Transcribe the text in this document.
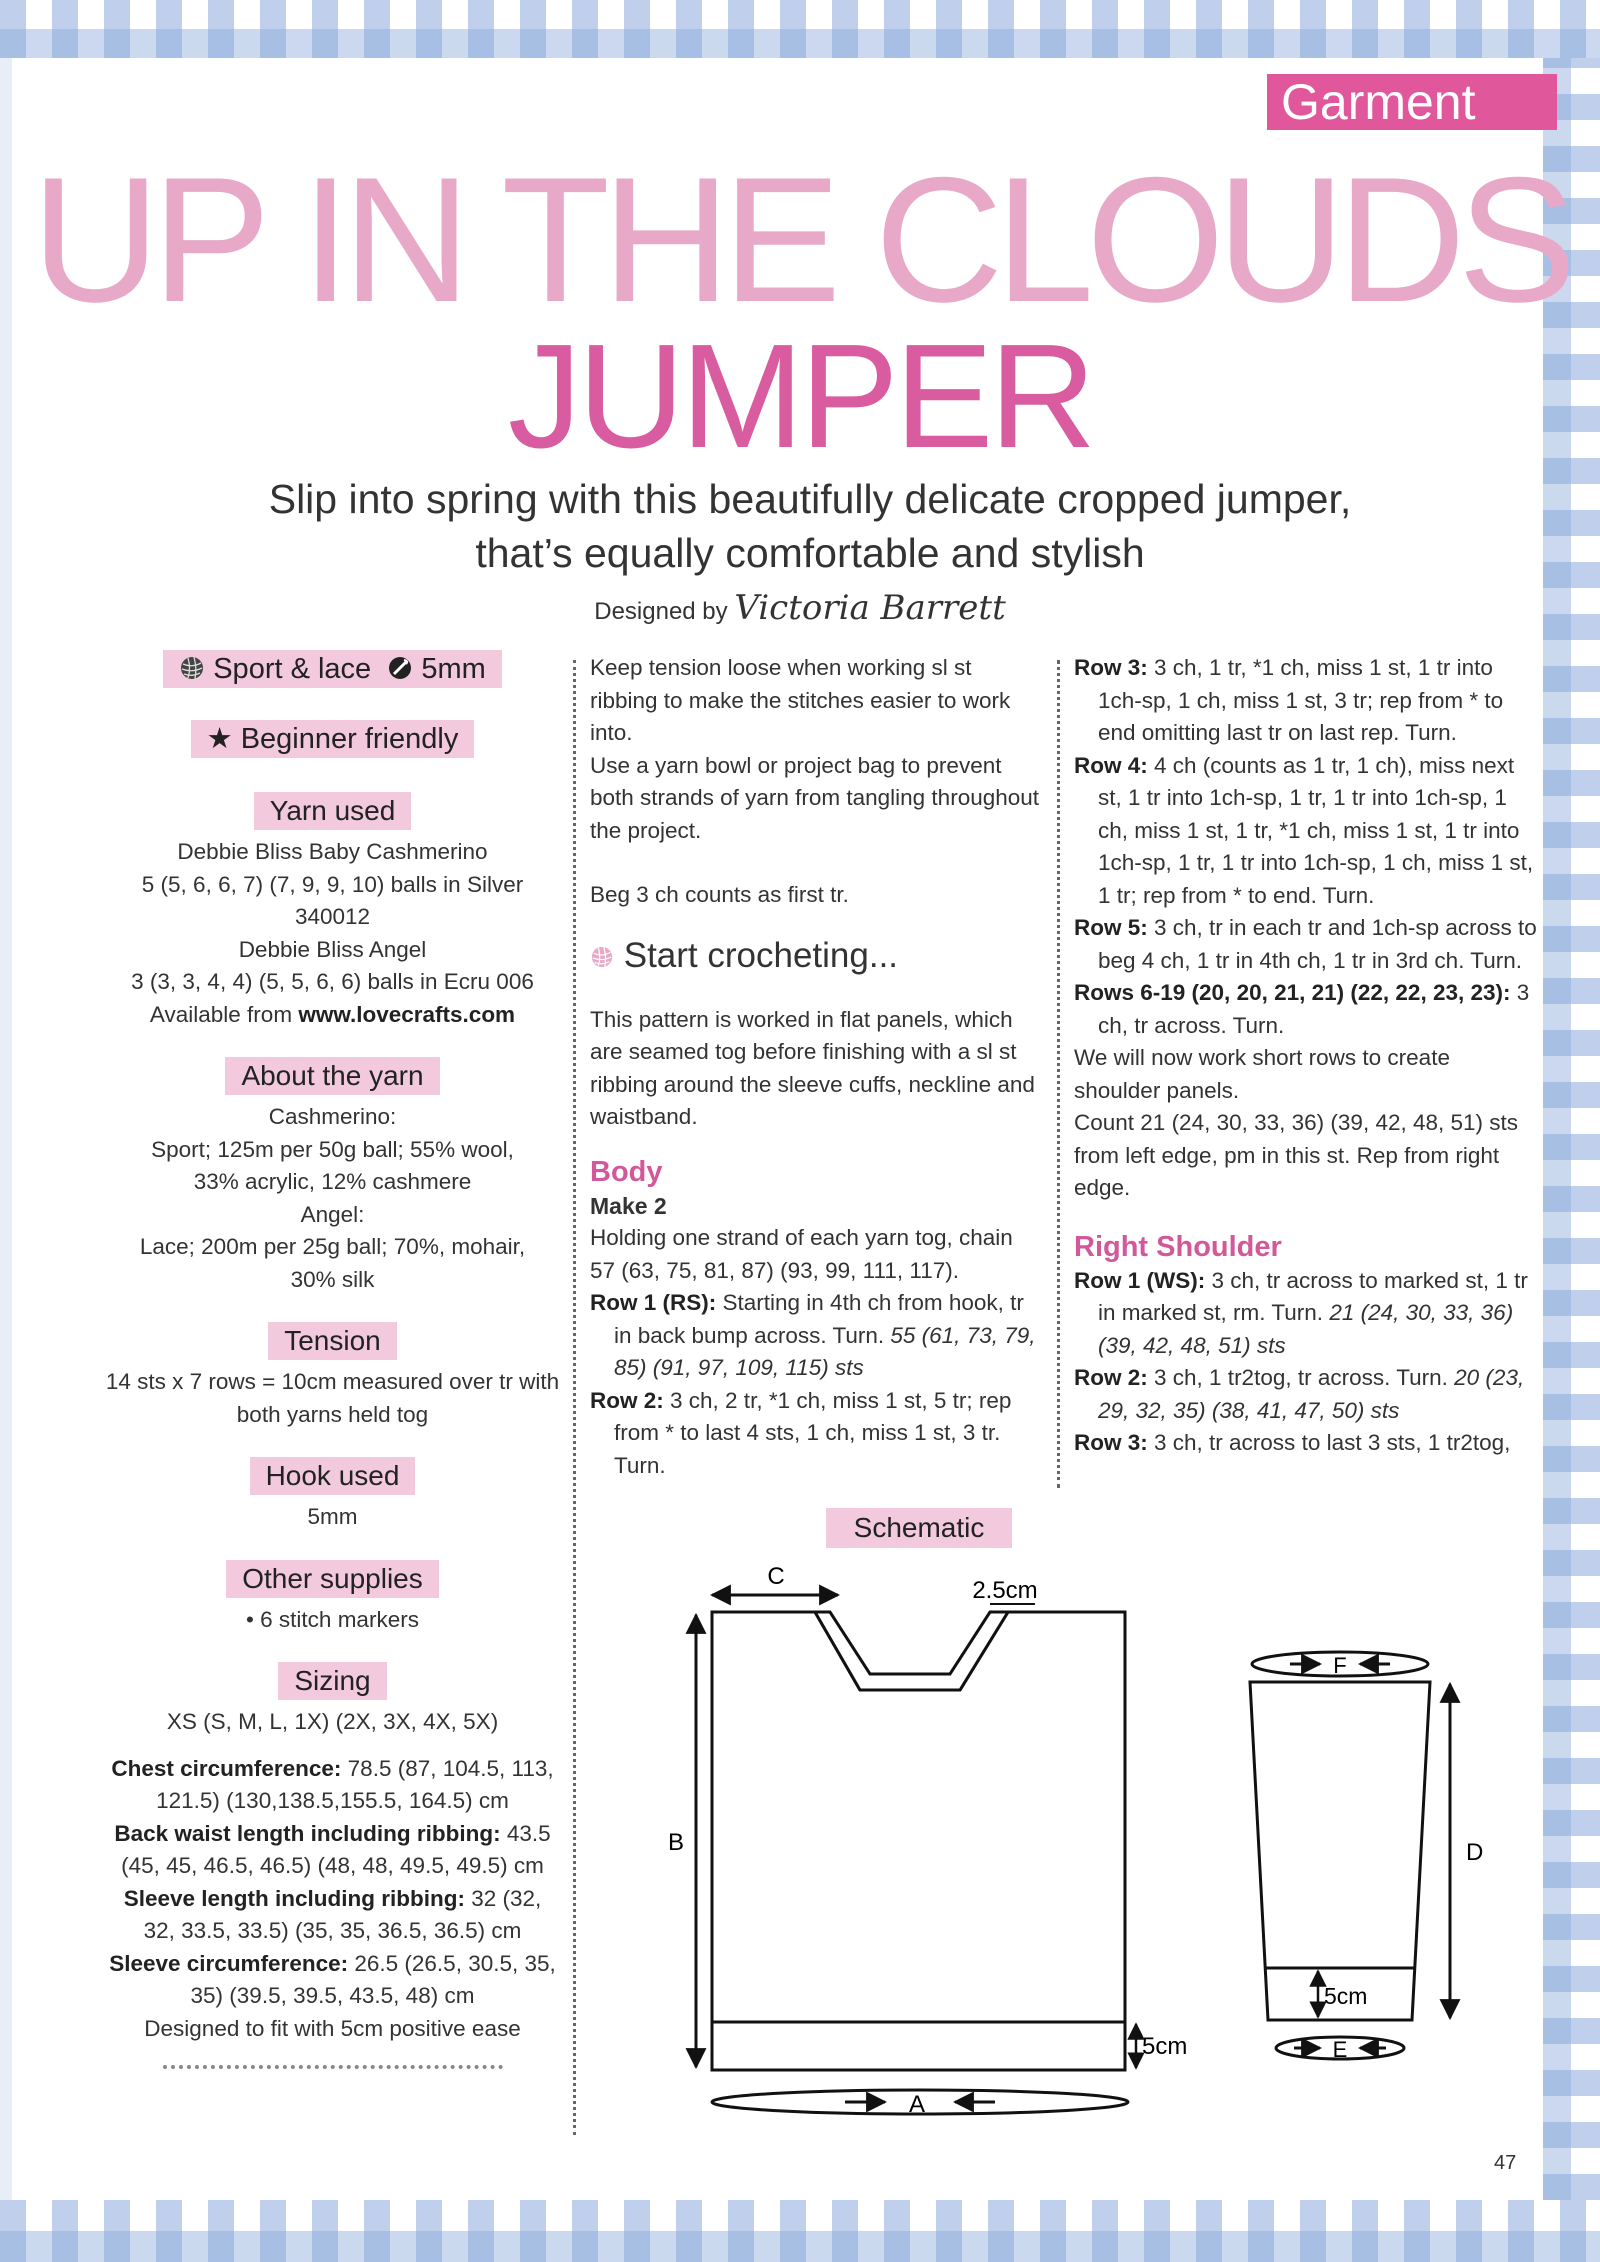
Garment
UP IN THE CLOUDS
JUMPER
Slip into spring with this beautifully delicate cropped jumper,
that’s equally comfortable and stylish
Designed by Victoria Barrett
Sport & lace 5mm
★ Beginner friendly
Yarn used

Debbie Bliss Baby Cashmerino
5 (5, 6, 6, 7) (7, 9, 9, 10) balls in Silver 340012
Debbie Bliss Angel
3 (3, 3, 4, 4) (5, 5, 6, 6) balls in Ecru 006
Available from www.lovecrafts.com

About the yarn

Cashmerino:
Sport; 125m per 50g ball; 55% wool,
33% acrylic, 12% cashmere
Angel:
Lace; 200m per 25g ball; 70%, mohair,
30% silk

Tension

14 sts x 7 rows = 10cm measured over tr with both yarns held tog

Hook used

5mm

Other supplies

• 6 stitch markers

Sizing

XS (S, M, L, 1X) (2X, 3X, 4X, 5X)

Chest circumference: 78.5 (87, 104.5, 113, 121.5) (130,138.5,155.5, 164.5) cm

Back waist length including ribbing: 43.5 (45, 45, 46.5, 46.5) (48, 48, 49.5, 49.5) cm

Sleeve length including ribbing: 32 (32, 32, 33.5, 33.5) (35, 35, 36.5, 36.5) cm

Sleeve circumference: 26.5 (26.5, 30.5, 35, 35) (39.5, 39.5, 43.5, 48) cm

Designed to fit with 5cm positive ease

Keep tension loose when working sl st ribbing to make the stitches easier to work into.
Use a yarn bowl or project bag to prevent both strands of yarn from tangling throughout the project.
Beg 3 ch counts as first tr.
Start crocheting...
This pattern is worked in flat panels, which are seamed tog before finishing with a sl st ribbing around the sleeve cuffs, neckline and waistband.
Body
Make 2
Holding one strand of each yarn tog, chain 57 (63, 75, 81, 87) (93, 99, 111, 117).
Row 1 (RS): Starting in 4th ch from hook, tr in back bump across. Turn. 55 (61, 73, 79, 85) (91, 97, 109, 115) sts
Row 2: 3 ch, 2 tr, *1 ch, miss 1 st, 5 tr; rep from * to last 4 sts, 1 ch, miss 1 st, 3 tr. Turn.
Row 3: 3 ch, 1 tr, *1 ch, miss 1 st, 1 tr into 1ch-sp, 1 ch, miss 1 st, 3 tr; rep from * to end omitting last tr on last rep. Turn.
Row 4: 4 ch (counts as 1 tr, 1 ch), miss next st, 1 tr into 1ch-sp, 1 tr, 1 tr into 1ch-sp, 1 ch, miss 1 st, 1 tr, *1 ch, miss 1 st, 1 tr into 1ch-sp, 1 tr, 1 tr into 1ch-sp, 1 ch, miss 1 st, 1 tr; rep from * to end. Turn.
Row 5: 3 ch, tr in each tr and 1ch-sp across to beg 4 ch, 1 tr in 4th ch, 1 tr in 3rd ch. Turn.
Rows 6-19 (20, 20, 21, 21) (22, 22, 23, 23): 3 ch, tr across. Turn.
We will now work short rows to create shoulder panels.
Count 21 (24, 30, 33, 36) (39, 42, 48, 51) sts from left edge, pm in this st. Rep from right edge.
Right Shoulder
Row 1 (WS): 3 ch, tr across to marked st, 1 tr in marked st, rm. Turn. 21 (24, 30, 33, 36) (39, 42, 48, 51) sts
Row 2: 3 ch, 1 tr2tog, tr across. Turn. 20 (23, 29, 32, 35) (38, 41, 47, 50) sts
Row 3: 3 ch, tr across to last 3 sts, 1 tr2tog,
Schematic
C
2.5cm
B
5cm
A
F
D
5cm
E
47
